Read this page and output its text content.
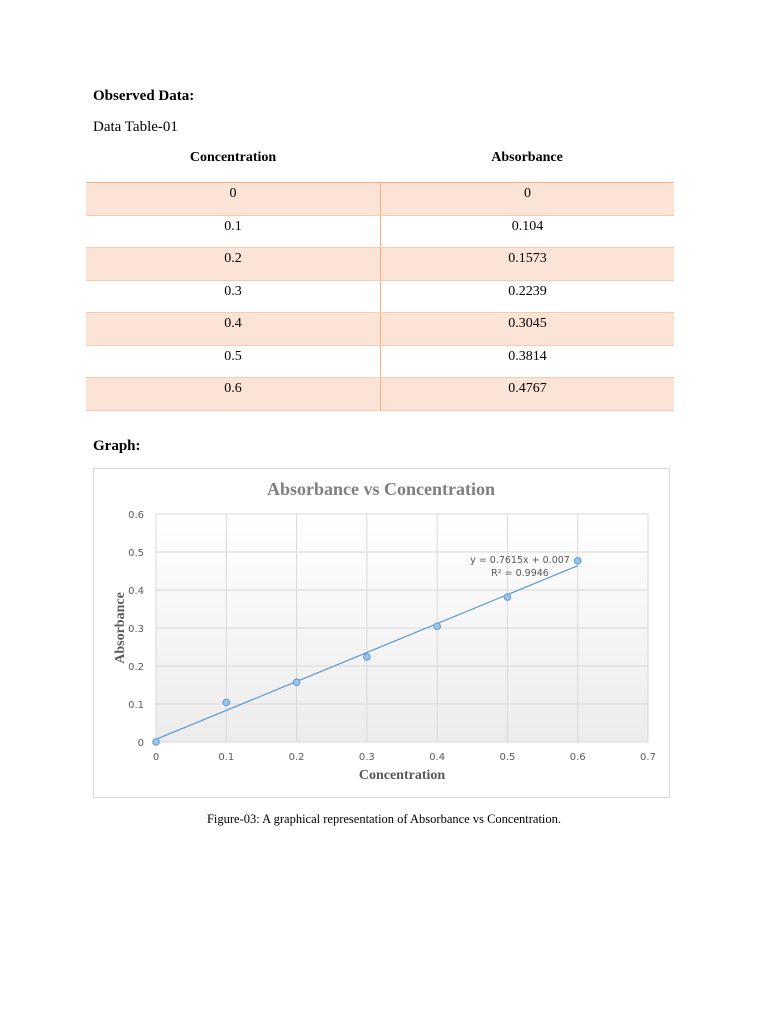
Observed Data:
Data Table-01
Concentration	Absorbance
0	0
0.1	0.104
0.2	0.1573
0.3	0.2239
0.4	0.3045
0.5	0.3814
0.6	0.4767
Graph:
0	0.1	0.2	0.3	0.4	0.5	0.6	0.7
0
0.1
0.2
0.3
0.4
0.5
0.6
Absorbance vs Concentration
Concentration
Absorbance
y = 0.7615x + 0.007
R² = 0.9946
Figure-03: A graphical representation of Absorbance vs Concentration.
